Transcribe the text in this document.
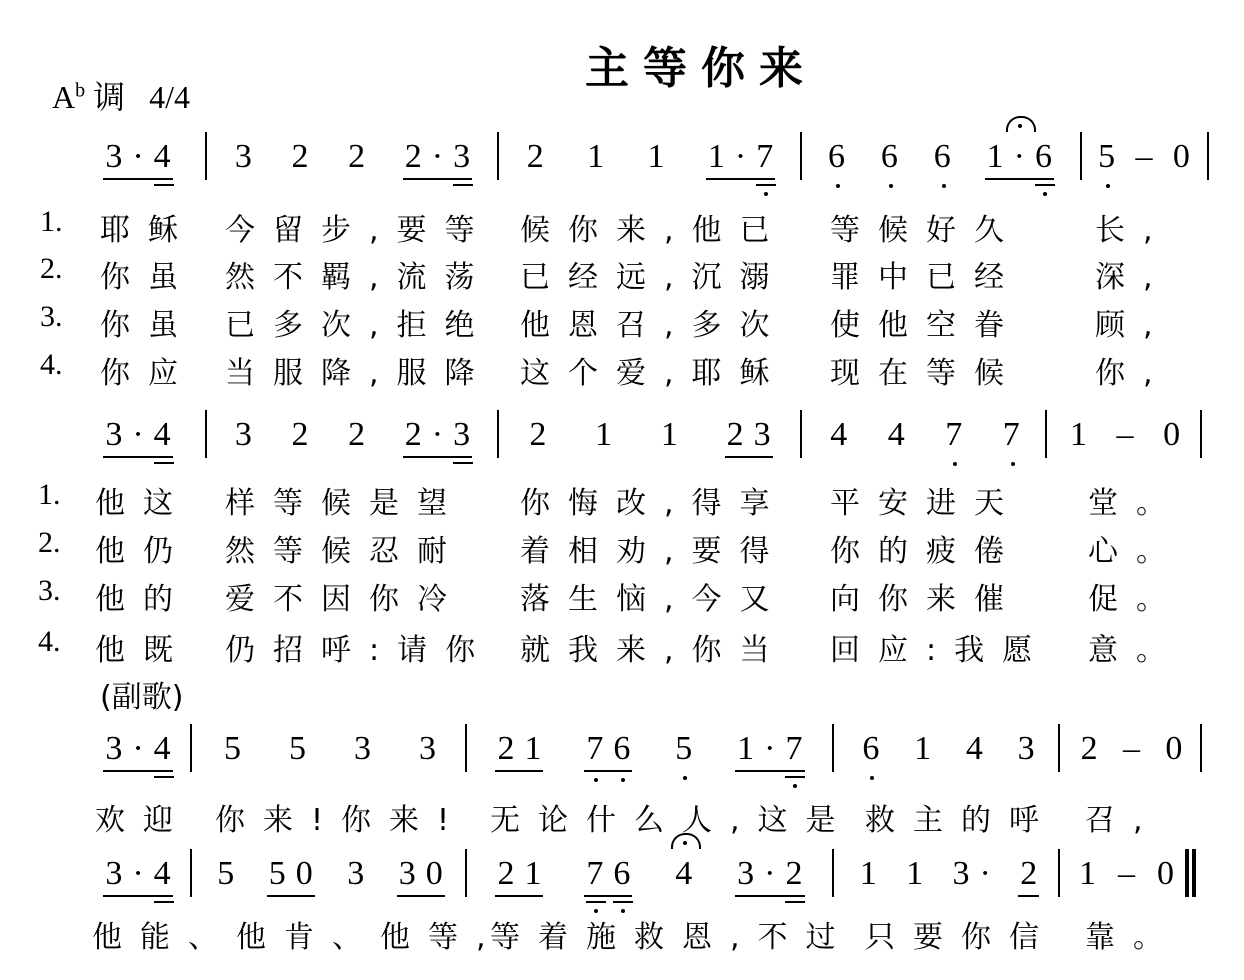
主等你来
$A^b$ 调 4/4
(副歌)
3·4 3 2 2 2·3 2 1 1 1·7 6 6 6 1·6 5 – 0
1. 耶稣 今留步,要等 候你来,他已 等候好久 长,
2. 你虽 然不羁,流荡 已经远,沉溺 罪中已经 深,
3. 你虽 已多次,拒绝 他恩召,多次 使他空眷 顾,
4. 你应 当服降,服降 这个爱,耶稣 现在等候 你,
3·4 3 2 2 2·3 2 1 1 23 4 4 7 7 1 – 0
1. 他这 样等候是望 你悔改,得享 平安进天 堂。
2. 他仍 然等候忍耐 着相劝,要得 你的疲倦 心。
3. 他的 爱不因你冷 落生恼,今又 向你来催 促。
4. 他既 仍招呼:请你 就我来,你当 回应:我愿 意。
3·4 5 5 3 3 21 76 5 1·7 6 1 4 3 2 – 0
欢迎 你来!你来! 无论什么人,这是 救主的呼 召,
3·4 5 50 3 30 21 76 4 3·2 1 1 3· 2 1 – 0
他能、他肯、他等,
等着施救恩,不过 只要你信 靠。
